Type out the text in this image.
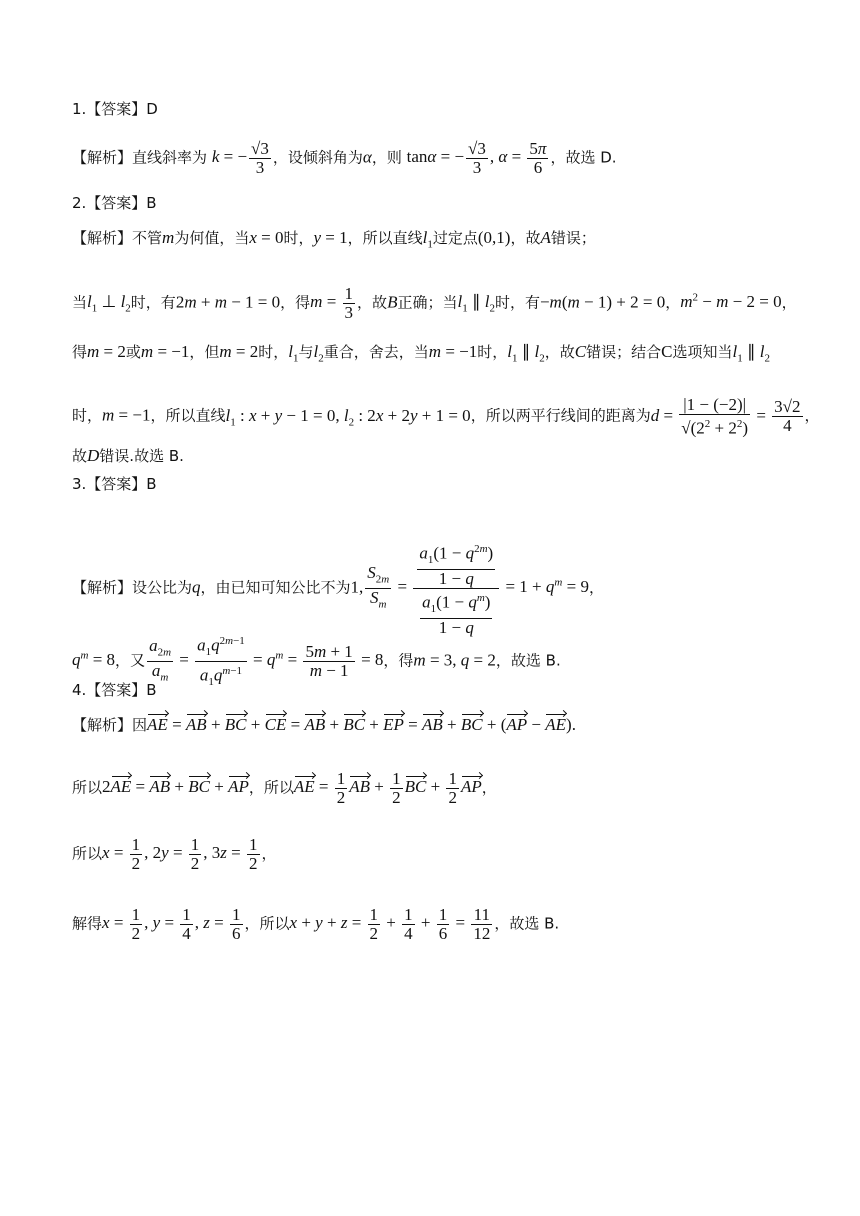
1.【答案】D
【解析】直线斜率为 k = − $\frac{√3}{3}$ ，设倾斜角为α，则 tanα = − $\frac{√3}{3}$ , $\alpha = \frac{5\pi}{6}$ ，故选 D.
2.【答案】B
【解析】不管m为何值，当x = 0时，y = 1，所以直线$l_1$过定点(0,1)，故A错误；
当$l_1$ ⊥ $l_2$时，有2m + m − 1 = 0，得$m = \frac{1}{3}$ ，故B正确；当$l_1$ ∥ $l_2$时，有−m(m − 1) + 2 = 0，$m^2 - m - 2 = 0$，
得m = 2或m = −1，但m = 2时，$l_1$与$l_2$重合，舍去，当m = −1时，$l_1$ ∥ $l_2$，故C错误；结合C选项知当$l_1$ ∥ $l_2$
时，m = −1，所以直线$l_1$ : x + y − 1 = 0, $l_2$ : 2x + 2y + 1 = 0，所以两平行线间的距离为$d = \frac{|1 - (-2)|}{√(2^2 + 2^2)} = \frac{3√2}{4}$ ，
故D错误.故选 B.
3.【答案】B
【解析】设公比为q，由已知可知公比不为1, $\frac{S_{2m}}{S_m} = \frac{\frac{a_1(1 - q^{2m})}{1 - q}}{\frac{a_1(1 - q^m)}{1 - q}} = 1 + q^m = 9$，
$q^m = 8$，又 $\frac{a_{2m}}{a_m} = \frac{a_1q^{2m-1}}{a_1q^{m-1}} = q^m = \frac{5m + 1}{m - 1} = 8$，得m = 3, q = 2，故选 B.
4.【答案】B
【解析】因AE = AB + BC + CE = AB + BC + EP = AB + BC + (AP − AE).
所以2AE = AB + BC + AP，所以AE = $\frac{1}{2}$ AB + $\frac{1}{2}$ BC + $\frac{1}{2}$ AP，
所以$x = \frac{1}{2}$ , $2y = \frac{1}{2}$ , $3z = \frac{1}{2}$ ，
解得$x = \frac{1}{2}$ , $y = \frac{1}{4}$ , $z = \frac{1}{6}$ ，所以$x + y + z = \frac{1}{2} + \frac{1}{4} + \frac{1}{6} = \frac{11}{12}$ ，故选 B.
